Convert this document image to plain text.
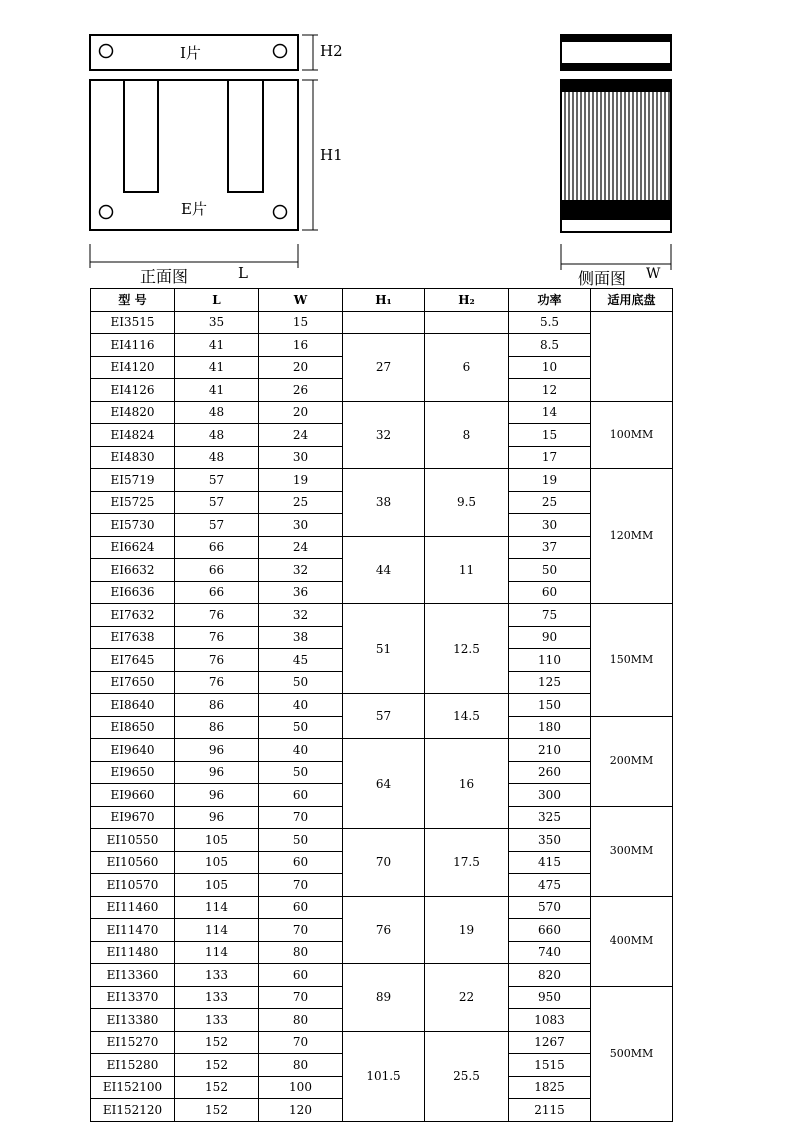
I片
E片
H2
H1
正面图	L	侧面图 W
型 号	L	W	H₁	H₂	功率	适用底盘
EI3515	35	15			5.5	
EI4116	41	16	27	6	8.5	
EI4120	41	20			10	
EI4126	41	26			12	
EI4820	48	20	32	8	14	100MM
EI4824	48	24			15	
EI4830	48	30			17	
EI5719	57	19	38	9.5	19	120MM
EI5725	57	25			25	
EI5730	57	30			30	
EI6624	66	24	44	11	37	
EI6632	66	32			50	
EI6636	66	36			60	
EI7632	76	32	51	12.5	75	150MM
EI7638	76	38			90	
EI7645	76	45			110	
EI7650	76	50			125	
EI8640	86	40	57	14.5	150	
EI8650	86	50			180	200MM
EI9640	96	40	64	16	210	
EI9650	96	50			260	
EI9660	96	60			300	
EI9670	96	70			325	300MM
EI10550	105	50	70	17.5	350	
EI10560	105	60			415	
EI10570	105	70			475	
EI11460	114	60	76	19	570	400MM
EI11470	114	70			660	
EI11480	114	80			740	
EI13360	133	60	89	22	820	
EI13370	133	70			950	500MM
EI13380	133	80			1083	
EI15270	152	70	101.5	25.5	1267	
EI15280	152	80			1515	
EI152100	152	100			1825	
EI152120	152	120			2115	
